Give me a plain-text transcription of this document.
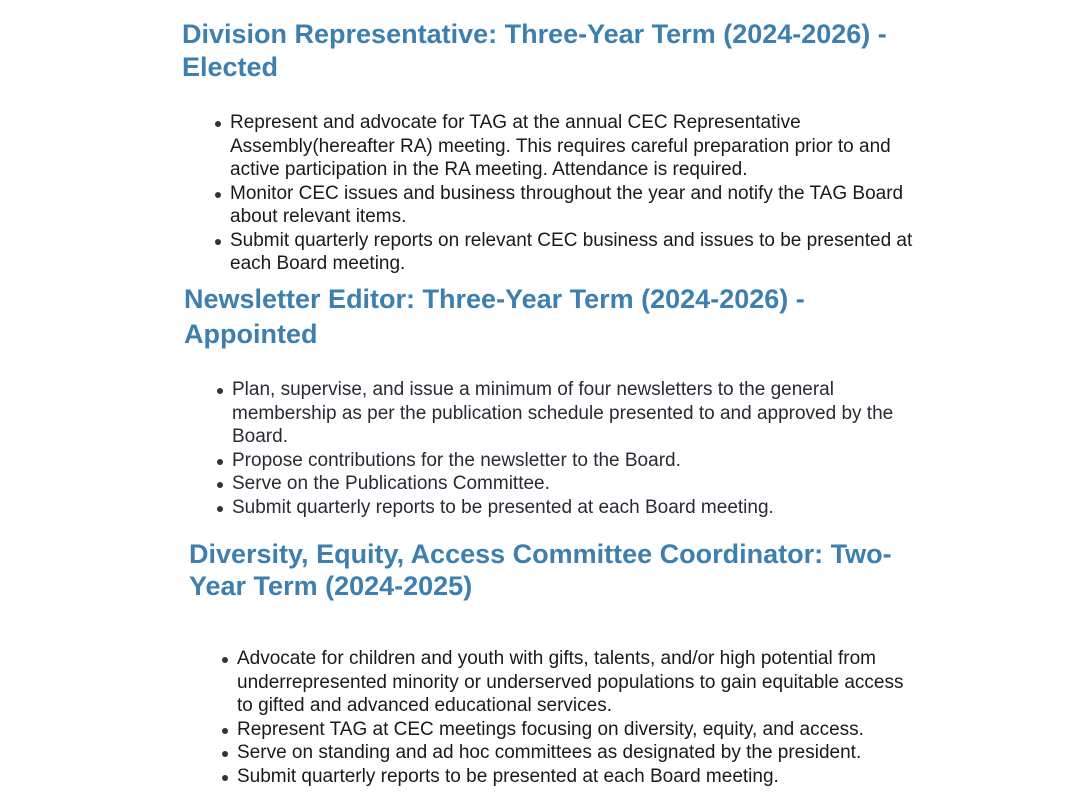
Division Representative: Three-Year Term (2024-2026) - Elected
Represent and advocate for TAG at the annual CEC Representative Assembly(hereafter RA) meeting. This requires careful preparation prior to and active participation in the RA meeting. Attendance is required.
Monitor CEC issues and business throughout the year and notify the TAG Board about relevant items.
Submit quarterly reports on relevant CEC business and issues to be presented at each Board meeting.
Newsletter Editor: Three-Year Term (2024-2026) - Appointed
Plan, supervise, and issue a minimum of four newsletters to the general membership as per the publication schedule presented to and approved by the Board.
Propose contributions for the newsletter to the Board.
Serve on the Publications Committee.
Submit quarterly reports to be presented at each Board meeting.
Diversity, Equity, Access Committee Coordinator: Two-Year Term (2024-2025)
Advocate for children and youth with gifts, talents, and/or high potential from underrepresented minority or underserved populations to gain equitable access to gifted and advanced educational services.
Represent TAG at CEC meetings focusing on diversity, equity, and access.
Serve on standing and ad hoc committees as designated by the president.
Submit quarterly reports to be presented at each Board meeting.
